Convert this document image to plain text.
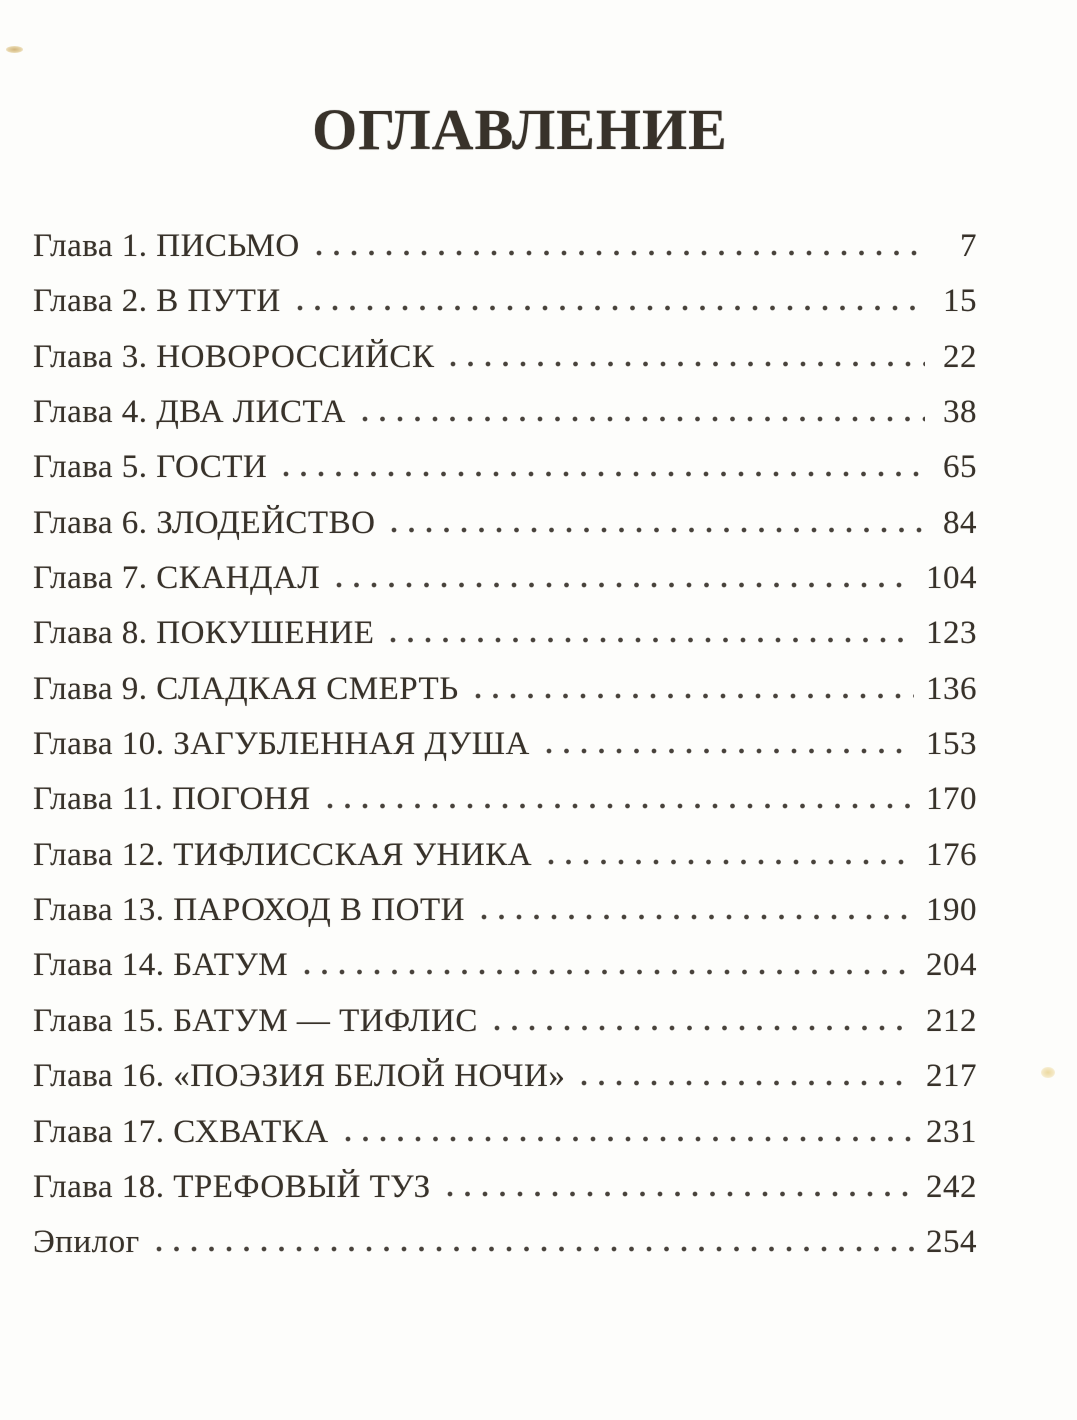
ОГЛАВЛЕНИЕ
Глава 1. ПИСЬМО	7
Глава 2. В ПУТИ	15
Глава 3. НОВОРОССИЙСК	22
Глава 4. ДВА ЛИСТА	38
Глава 5. ГОСТИ	65
Глава 6. ЗЛОДЕЙСТВО	84
Глава 7. СКАНДАЛ	104
Глава 8. ПОКУШЕНИЕ	123
Глава 9. СЛАДКАЯ СМЕРТЬ	136
Глава 10. ЗАГУБЛЕННАЯ ДУША	153
Глава 11. ПОГОНЯ	170
Глава 12. ТИФЛИССКАЯ УНИКА	176
Глава 13. ПАРОХОД В ПОТИ	190
Глава 14. БАТУМ	204
Глава 15. БАТУМ — ТИФЛИС	212
Глава 16. «ПОЭЗИЯ БЕЛОЙ НОЧИ»	217
Глава 17. СХВАТКА	231
Глава 18. ТРЕФОВЫЙ ТУЗ	242
Эпилог	254
